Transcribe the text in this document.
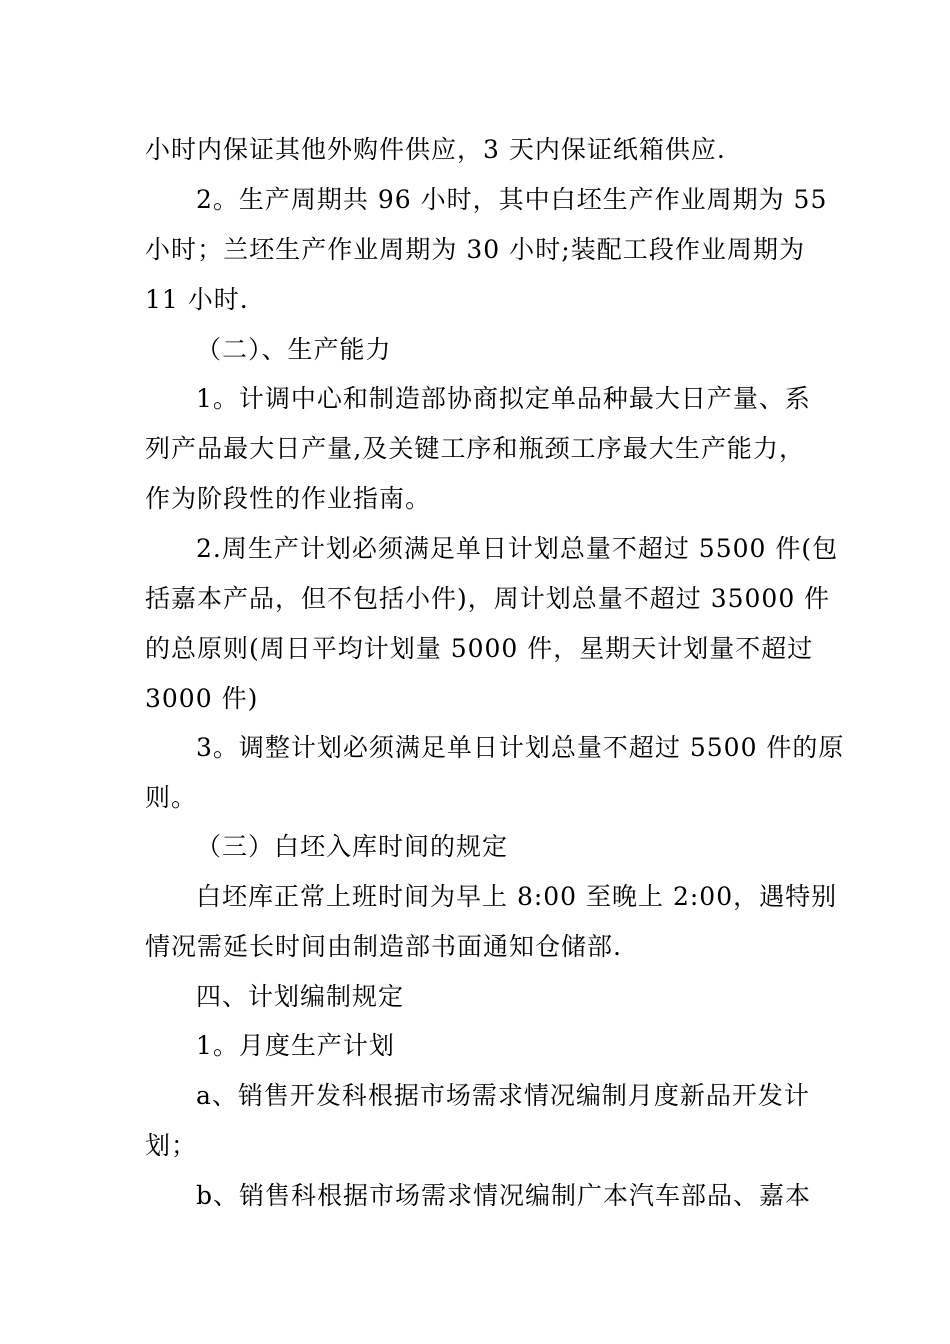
小时内保证其他外购件供应，3 天内保证纸箱供应.
2。生产周期共 96 小时，其中白坯生产作业周期为 55
小时；兰坯生产作业周期为 30 小时;装配工段作业周期为
11 小时.
（二）、生产能力
1。计调中心和制造部协商拟定单品种最大日产量、系
列产品最大日产量,及关键工序和瓶颈工序最大生产能力，
作为阶段性的作业指南。
2.周生产计划必须满足单日计划总量不超过 5500 件(包
括嘉本产品，但不包括小件)，周计划总量不超过 35000 件
的总原则(周日平均计划量 5000 件，星期天计划量不超过
3000 件)
3。调整计划必须满足单日计划总量不超过 5500 件的原
则。
（三）白坯入库时间的规定
白坯库正常上班时间为早上 8:00 至晚上 2:00，遇特别
情况需延长时间由制造部书面通知仓储部.
四、计划编制规定
1。月度生产计划
a、销售开发科根据市场需求情况编制月度新品开发计
划；
b、销售科根据市场需求情况编制广本汽车部品、嘉本
